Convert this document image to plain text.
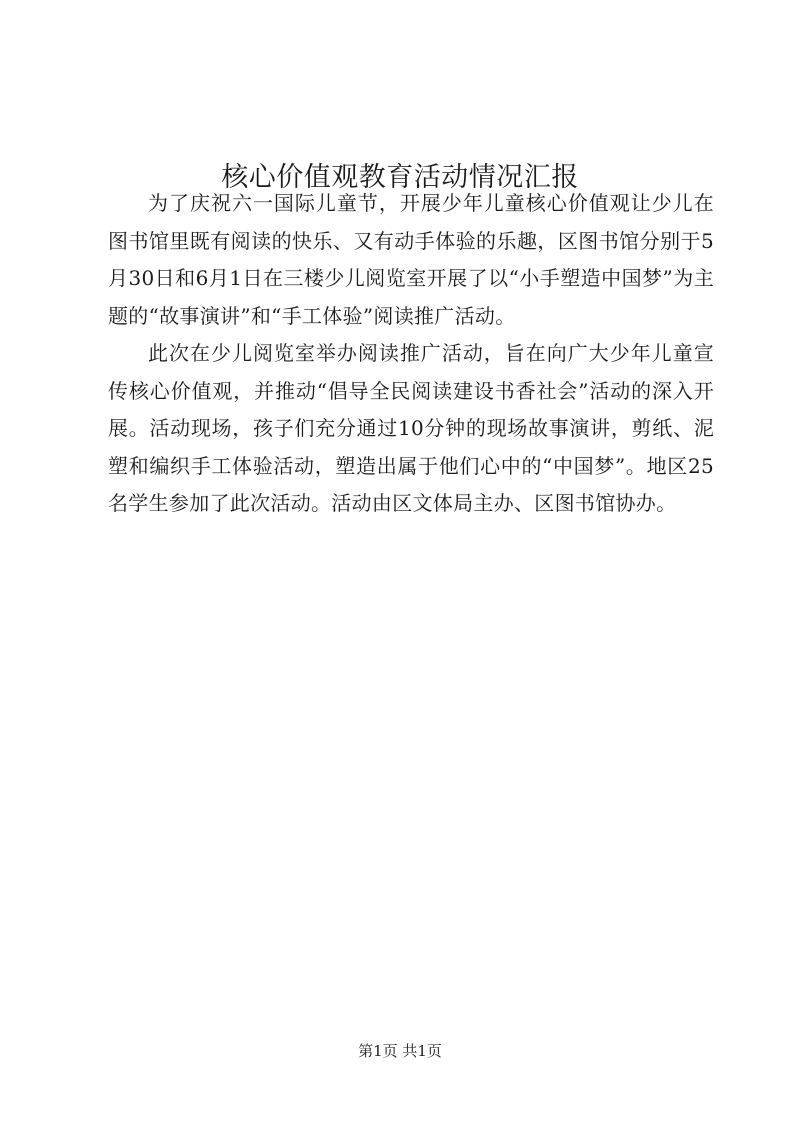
核心价值观教育活动情况汇报

为了庆祝六一国际儿童节，开展少年儿童核心价值观让少儿在图书馆里既有阅读的快乐、又有动手体验的乐趣，区图书馆分别于5月30日和6月1日在三楼少儿阅览室开展了以“小手塑造中国梦”为主题的“故事演讲”和“手工体验”阅读推广活动。

此次在少儿阅览室举办阅读推广活动，旨在向广大少年儿童宣传核心价值观，并推动“倡导全民阅读建设书香社会”活动的深入开展。活动现场，孩子们充分通过10分钟的现场故事演讲，剪纸、泥塑和编织手工体验活动，塑造出属于他们心中的“中国梦”。地区25名学生参加了此次活动。活动由区文体局主办、区图书馆协办。

第1页 共1页
